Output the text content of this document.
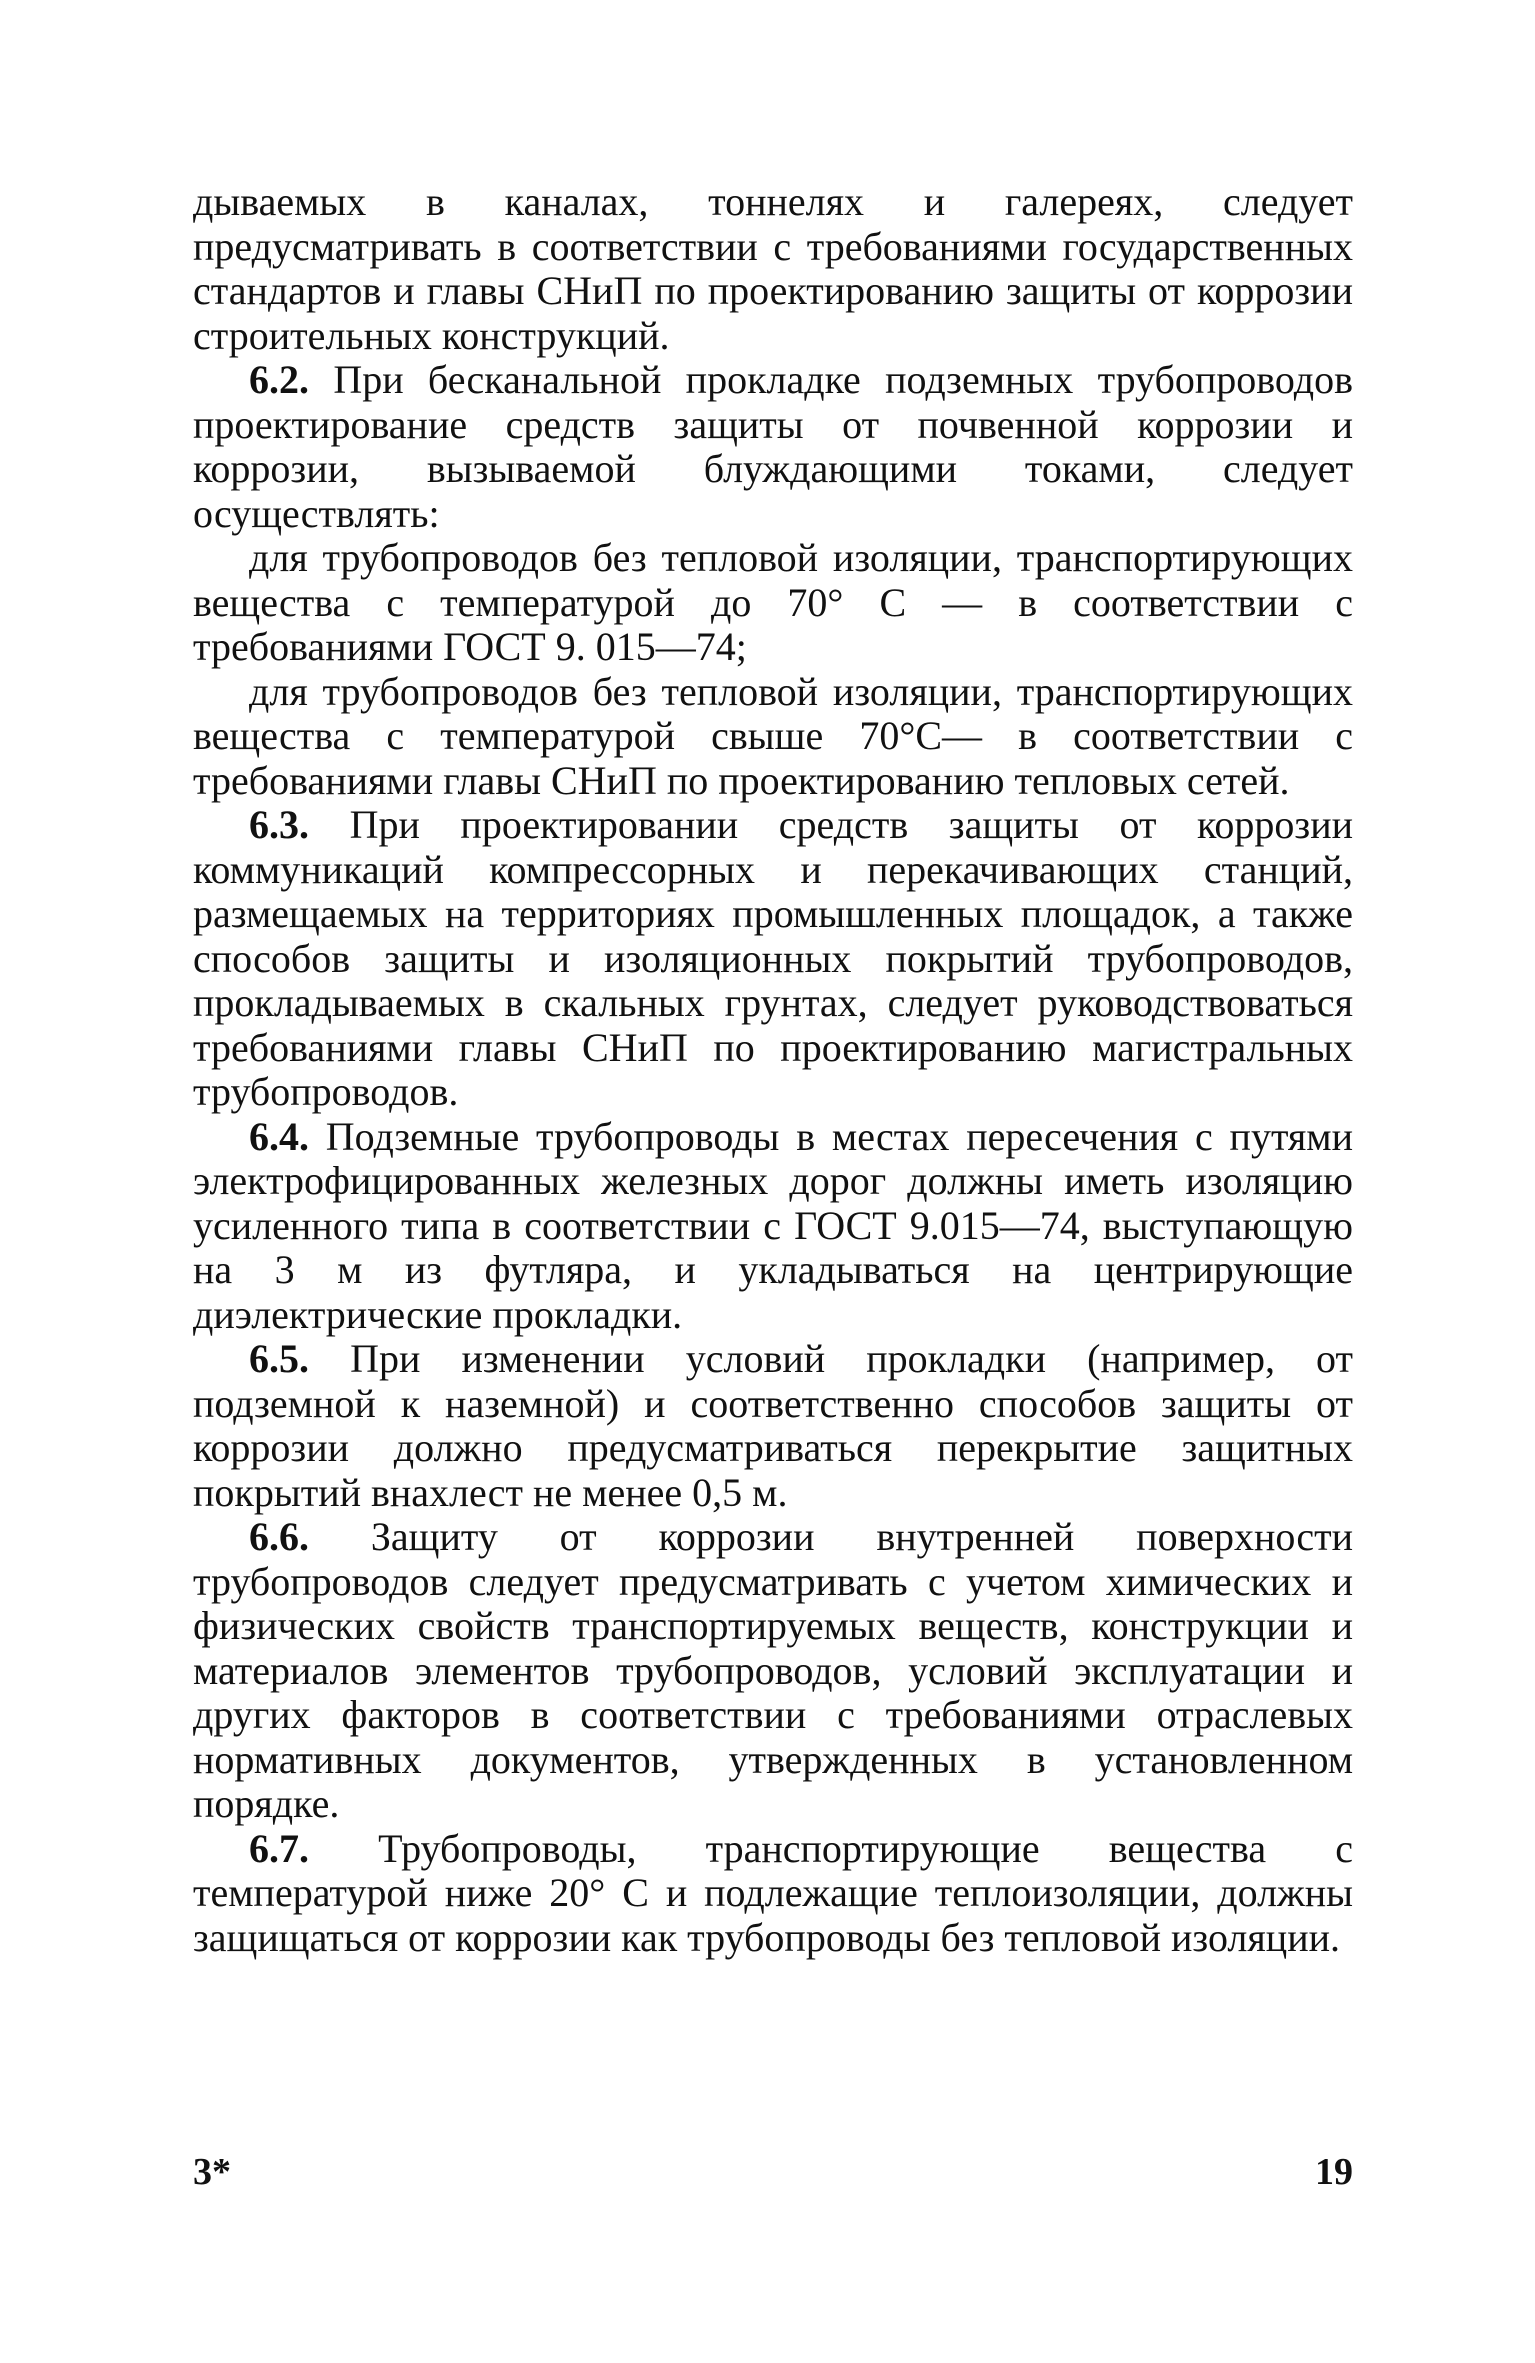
дываемых в каналах, тоннелях и галереях, следует предусматривать в соответствии с требованиями государственных стандартов и главы СНиП по проектированию защиты от коррозии строительных конструкций.

6.2. При бесканальной прокладке подземных трубопроводов проектирование средств защиты от почвенной коррозии и коррозии, вызываемой блуждающими токами, следует осуществлять:

для трубопроводов без тепловой изоляции, транспортирующих вещества с температурой до 70° С — в соответствии с требованиями ГОСТ 9. 015—74;

для трубопроводов без тепловой изоляции, транспортирующих вещества с температурой свыше 70°С— в соответствии с требованиями главы СНиП по проектированию тепловых сетей.

6.3. При проектировании средств защиты от коррозии коммуникаций компрессорных и перекачивающих станций, размещаемых на территориях промышленных площадок, а также способов защиты и изоляционных покрытий трубопроводов, прокладываемых в скальных грунтах, следует руководствоваться требованиями главы СНиП по проектированию магистральных трубопроводов.

6.4. Подземные трубопроводы в местах пересечения с путями электрофицированных железных дорог должны иметь изоляцию усиленного типа в соответствии с ГОСТ 9.015—74, выступающую на 3 м из футляра, и укладываться на центрирующие диэлектрические прокладки.

6.5. При изменении условий прокладки (например, от подземной к наземной) и соответственно способов защиты от коррозии должно предусматриваться перекрытие защитных покрытий внахлест не менее 0,5 м.

6.6. Защиту от коррозии внутренней поверхности трубопроводов следует предусматривать с учетом химических и физических свойств транспортируемых веществ, конструкции и материалов элементов трубопроводов, условий эксплуатации и других факторов в соответствии с требованиями отраслевых нормативных документов, утвержденных в установленном порядке.

6.7. Трубопроводы, транспортирующие вещества с температурой ниже 20° С и подлежащие теплоизоляции, должны защищаться от коррозии как трубопроводы без тепловой изоляции.

3*	19
